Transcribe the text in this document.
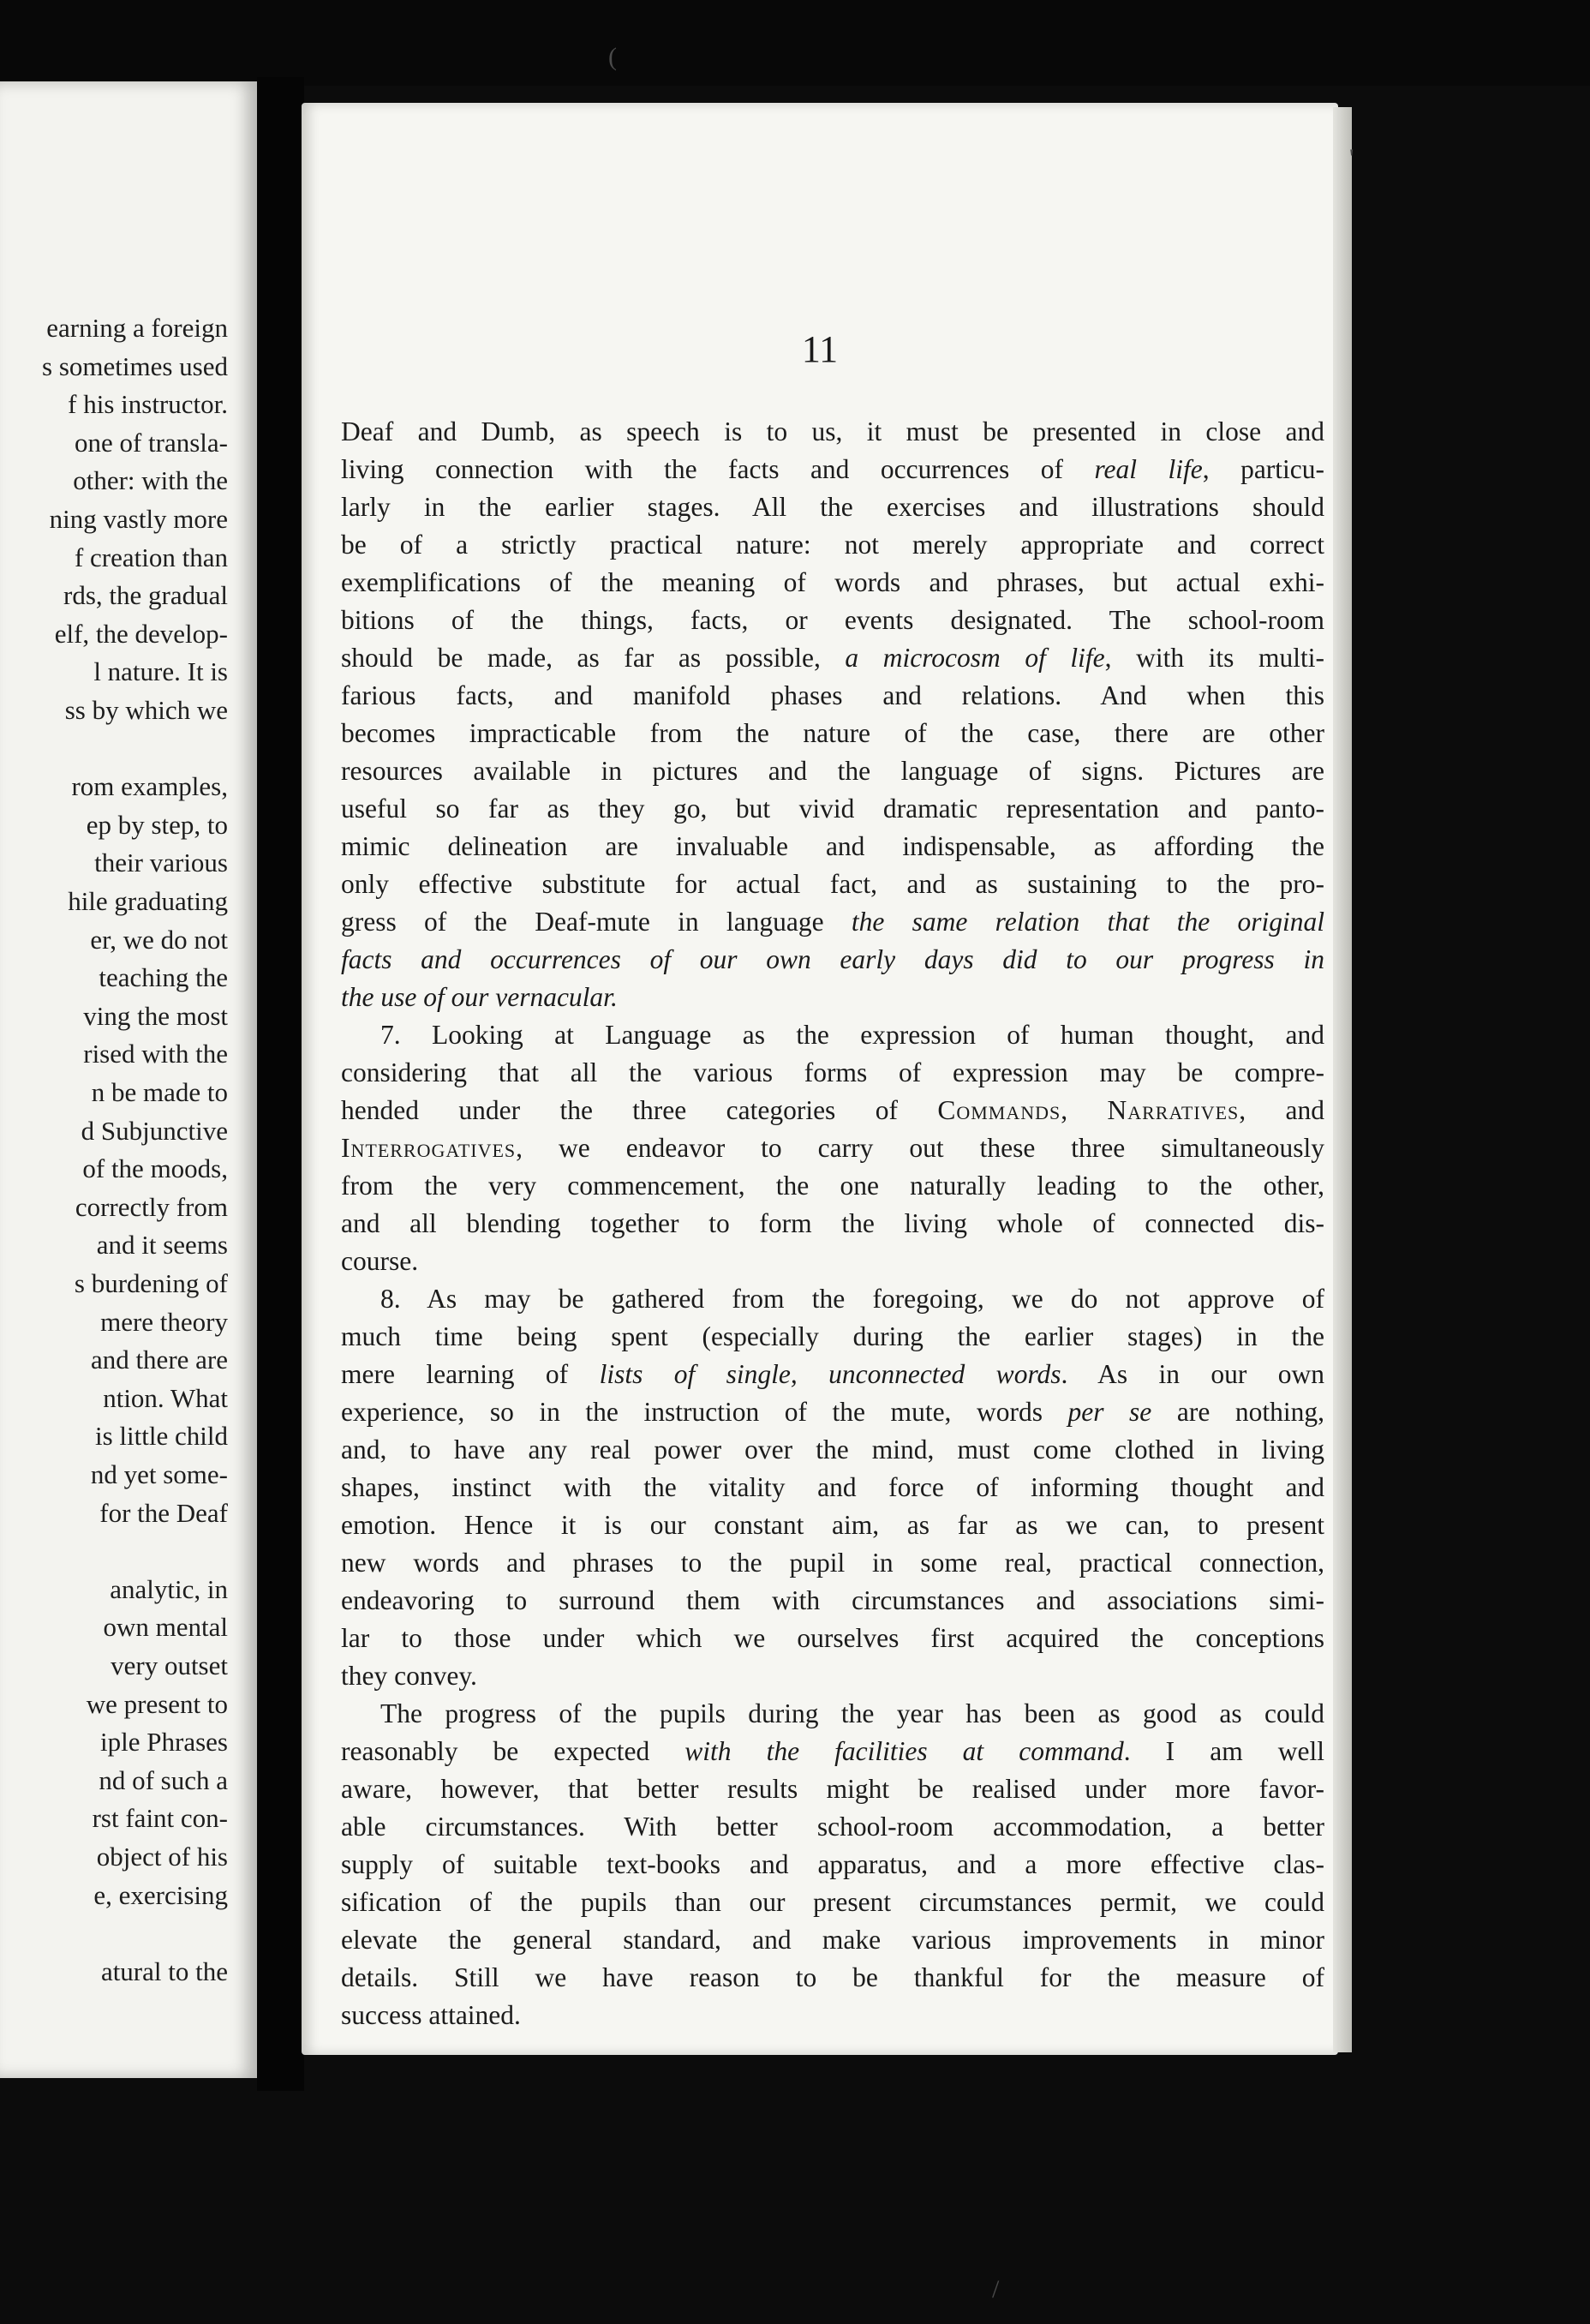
earning a foreign
s sometimes used
f his instructor.
one of transla-
other: with the
ning vastly more
f creation than
rds, the gradual
elf, the develop-
l nature. It is
ss by which we
rom examples,
ep by step, to
their various
hile graduating
er, we do not
teaching the
ving the most
rised with the
n be made to
d Subjunctive
of the moods,
correctly from
and it seems
s burdening of
mere theory
and there are
ntion. What
is little child
nd yet some-
for the Deaf
analytic, in
own mental
very outset
we present to
iple Phrases
nd of such a
rst faint con-
object of his
e, exercising
atural to the
11
Deaf and Dumb, as speech is to us, it must be presented in close and
living connection with the facts and occurrences of real life, particu-
larly in the earlier stages. All the exercises and illustrations should
be of a strictly practical nature: not merely appropriate and correct
exemplifications of the meaning of words and phrases, but actual exhi-
bitions of the things, facts, or events designated. The school-room
should be made, as far as possible, a microcosm of life, with its multi-
farious facts, and manifold phases and relations. And when this
becomes impracticable from the nature of the case, there are other
resources available in pictures and the language of signs. Pictures are
useful so far as they go, but vivid dramatic representation and panto-
mimic delineation are invaluable and indispensable, as affording the
only effective substitute for actual fact, and as sustaining to the pro-
gress of the Deaf-mute in language the same relation that the original
facts and occurrences of our own early days did to our progress in
the use of our vernacular.
7. Looking at Language as the expression of human thought, and
considering that all the various forms of expression may be compre-
hended under the three categories of Commands, Narratives, and
Interrogatives, we endeavor to carry out these three simultaneously
from the very commencement, the one naturally leading to the other,
and all blending together to form the living whole of connected dis-
course.
8. As may be gathered from the foregoing, we do not approve of
much time being spent (especially during the earlier stages) in the
mere learning of lists of single, unconnected words. As in our own
experience, so in the instruction of the mute, words per se are nothing,
and, to have any real power over the mind, must come clothed in living
shapes, instinct with the vitality and force of informing thought and
emotion. Hence it is our constant aim, as far as we can, to present
new words and phrases to the pupil in some real, practical connection,
endeavoring to surround them with circumstances and associations simi-
lar to those under which we ourselves first acquired the conceptions
they convey.
The progress of the pupils during the year has been as good as could
reasonably be expected with the facilities at command. I am well
aware, however, that better results might be realised under more favor-
able circumstances. With better school-room accommodation, a better
supply of suitable text-books and apparatus, and a more effective clas-
sification of the pupils than our present circumstances permit, we could
elevate the general standard, and make various improvements in minor
details. Still we have reason to be thankful for the measure of
success attained.
(
'
/
